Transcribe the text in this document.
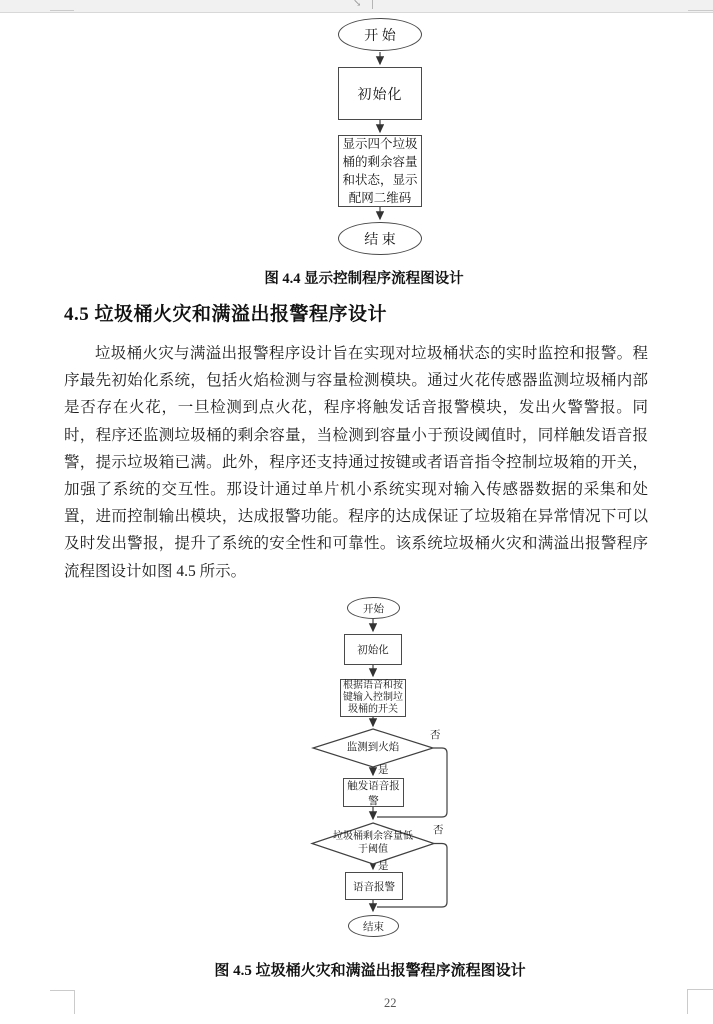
↘
开 始
初始化
显示四个垃圾桶的剩余容量和状态，显示配网二维码
结 束
图 4.4 显示控制程序流程图设计
4.5 垃圾桶火灾和满溢出报警程序设计

垃圾桶火灾与满溢出报警程序设计旨在实现对垃圾桶状态的实时监控和报警。程序最先初始化系统，包括火焰检测与容量检测模块。通过火花传感器监测垃圾桶内部是否存在火花，一旦检测到点火花，程序将触发话音报警模块，发出火警警报。同时，程序还监测垃圾桶的剩余容量，当检测到容量小于预设阈值时，同样触发语音报警，提示垃圾箱已满。此外，程序还支持通过按键或者语音指令控制垃圾箱的开关，加强了系统的交互性。那设计通过单片机小系统实现对输入传感器数据的采集和处置，进而控制输出模块，达成报警功能。程序的达成保证了垃圾箱在异常情况下可以及时发出警报，提升了系统的安全性和可靠性。该系统垃圾桶火灾和满溢出报警程序流程图设计如图 4.5 所示。

开始
初始化
根据语音和按键输入控制垃圾桶的开关
监测到火焰
否
是
触发语音报警
垃圾桶剩余容量低于阈值
否
是
语音报警
结束
图 4.5 垃圾桶火灾和满溢出报警程序流程图设计
22
